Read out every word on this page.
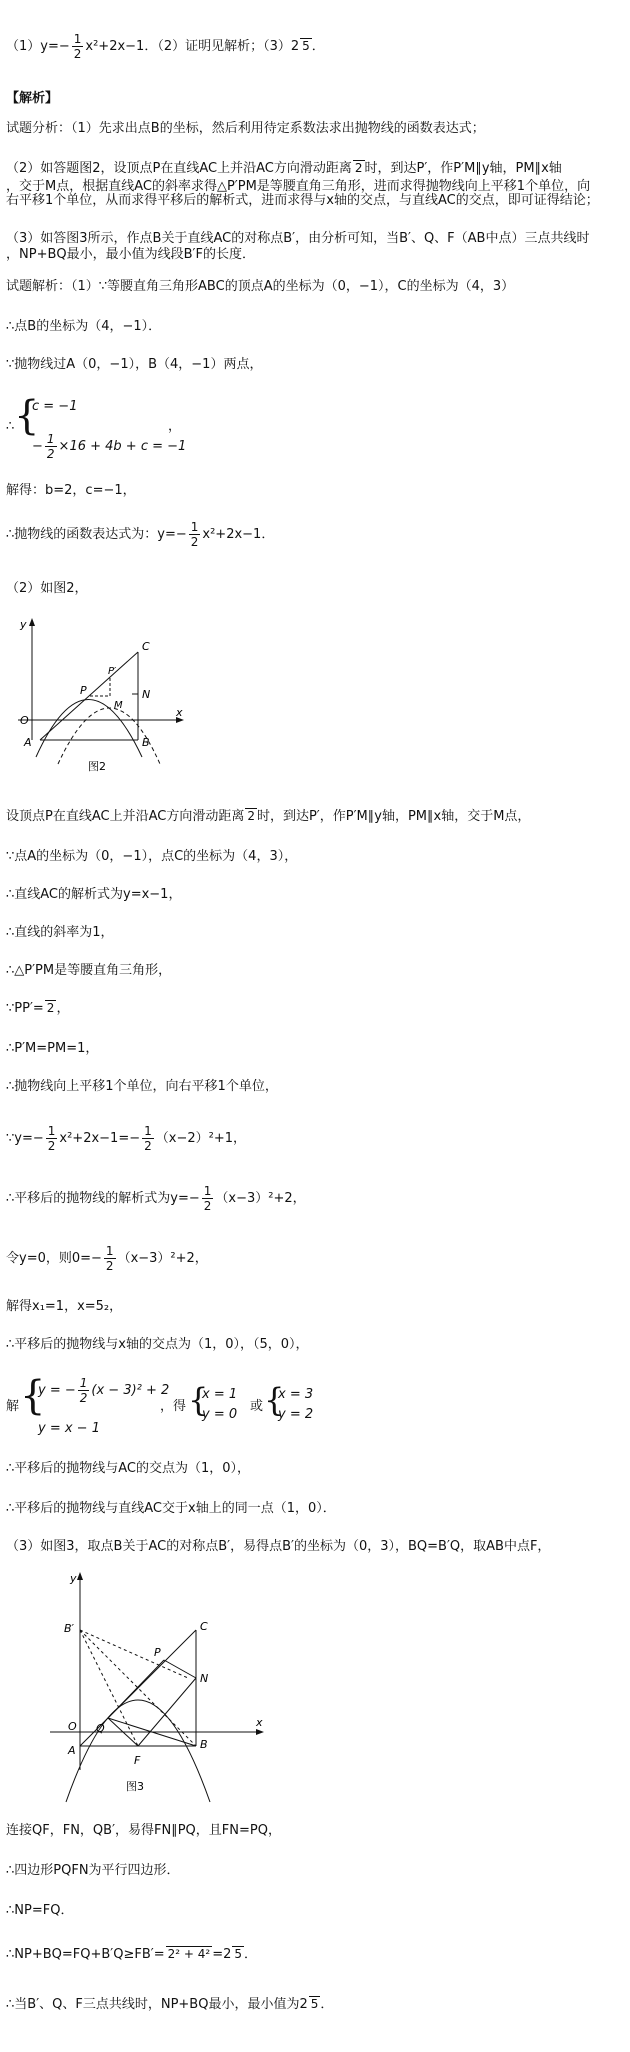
$(1)y=- \frac{1}{2} x^2+2x-1$．（2）证明见解析；（3）2 5 ．
【解析】
试题分析：（1）先求出点B的坐标，然后利用待定系数法求出抛物线的函数表达式；
（2）如答题图2，设顶点P在直线AC上并沿AC方向滑动距离 2 时，到达P′，作P′M∥y轴，PM∥x轴
，交于M点，根据直线AC的斜率求得△P′PM是等腰直角三角形，进而求得抛物线向上平移1个单位，向
右平移1个单位，从而求得平移后的解析式，进而求得与x轴的交点，与直线AC的交点，即可证得结论；
（3）如答图3所示，作点B关于直线AC的对称点B′，由分析可知，当B′、Q、F（AB中点）三点共线时
，NP+BQ最小，最小值为线段B′F的长度．
试题解析：（1）∵等腰直角三角形ABC的顶点A的坐标为（0，−1），C的坐标为（4，3）
∴点B的坐标为（4，−1）．
∵抛物线过A（0，−1），B（4，−1）两点，
∴ {
c = −1
− $\frac{1}{2} \times 16 + 4b + c = -1$
，
解得：b=2，c=−1，
∴抛物线的函数表达式为：$y=- \frac{1}{2} x^2+2x-1$．
（2）如图2，
y
x
O
A	B
C
P
P′
M
N
图2
设顶点P在直线AC上并沿AC方向滑动距离 2 时，到达P′，作P′M∥y轴，PM∥x轴，交于M点，
∵点A的坐标为（0，−1），点C的坐标为（4，3），
∴直线AC的解析式为y=x−1，
∴直线的斜率为1，
∴△P′PM是等腰直角三角形，
∵PP′= 2 ，
∴P′M=PM=1，
∴抛物线向上平移1个单位，向右平移1个单位，
∵y=− $\frac{1}{2} x^2+2x-1=- \frac{1}{2} (x-2)^2+1$，
∴平移后的抛物线的解析式为$y=- \frac{1}{2} (x-3)^2+2$，
令y=0，则$0=- \frac{1}{2} (x-3)^2+2$，
解得x₁=1，x=5₂，
∴平移后的抛物线与x轴的交点为（1，0），（5，0），
解 {
y = − $\frac{1}{2} (x - 3)^2 + 2$
y = x − 1
，得 {
x = 1
y = 0
或 {
x = 3
y = 2
∴平移后的抛物线与AC的交点为（1，0），
∴平移后的抛物线与直线AC交于x轴上的同一点（1，0）．
（3）如图3，取点B关于AC的对称点B′，易得点B′的坐标为（0，3），BQ=B′Q，取AB中点F，
y
x
O
A	B
B′	C
P
N
Q
F
图3
连接QF，FN，QB′，易得FN∥PQ，且FN=PQ，
∴四边形PQFN为平行四边形．
∴NP=FQ．
∴NP+BQ=FQ+B′Q≥FB′= 2² + 4² =2 5 ．
∴当B′、Q、F三点共线时，NP+BQ最小，最小值为2 5 ．
